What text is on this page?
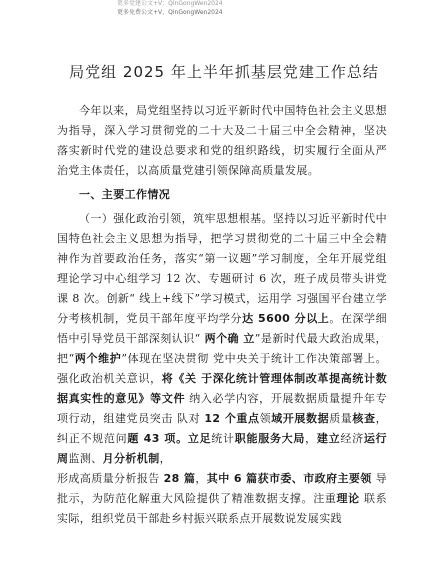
更多党建公文+V：QinGongWen2024
更多免费公文+V，QinGongWen2024
局党组 2025 年上半年抓基层党建工作总结

今年以来，局党组坚持以习近平新时代中国特色社会主义思想为指导，深入学习贯彻党的二十大及二十届三中全会精神，坚决落实新时代党的建设总要求和党的组织路线，切实履行全面从严治党主体责任，以高质量党建引领保障高质量发展。

一、主要工作情况

（一）强化政治引领，筑牢思想根基。坚持以习近平新时代中国特色社会主义思想为指导，把学习贯彻党的二十届三中全会精神作为首要政治任务，落实“第一议题”学习制度，全年开展党组理论学习中心组学习 12 次、专题研讨 6 次，班子成员带头讲党课 8 次。创新“ 线上+线下”学习模式，运用学 习强国平台建立学分考核机制，党员干部年度平均学分达 5600 分以上。在深学细悟中引导党员干部深刻认识“ 两个确 立”是新时代最大政治成果，把“两个维护”体现在坚决贯彻 党中央关于统计工作决策部署上。强化政治机关意识，将《关 于深化统计管理体制改革提高统计数据真实性的意见》等文件 纳入必学内容，开展数据质量提升年专项行动，组建党员突击 队对 12 个重点领域开展数据质量核查，纠正不规范问题 43 项。立足统计职能服务大局，建立经济运行周监测、月分析机制，

形成高质量分析报告 28 篇，其中 6 篇获市委、市政府主要领 导批示，为防范化解重大风险提供了精准数据支撑。注重理论 联系实际，组织党员干部赴乡村振兴联系点开展数说发展实践
